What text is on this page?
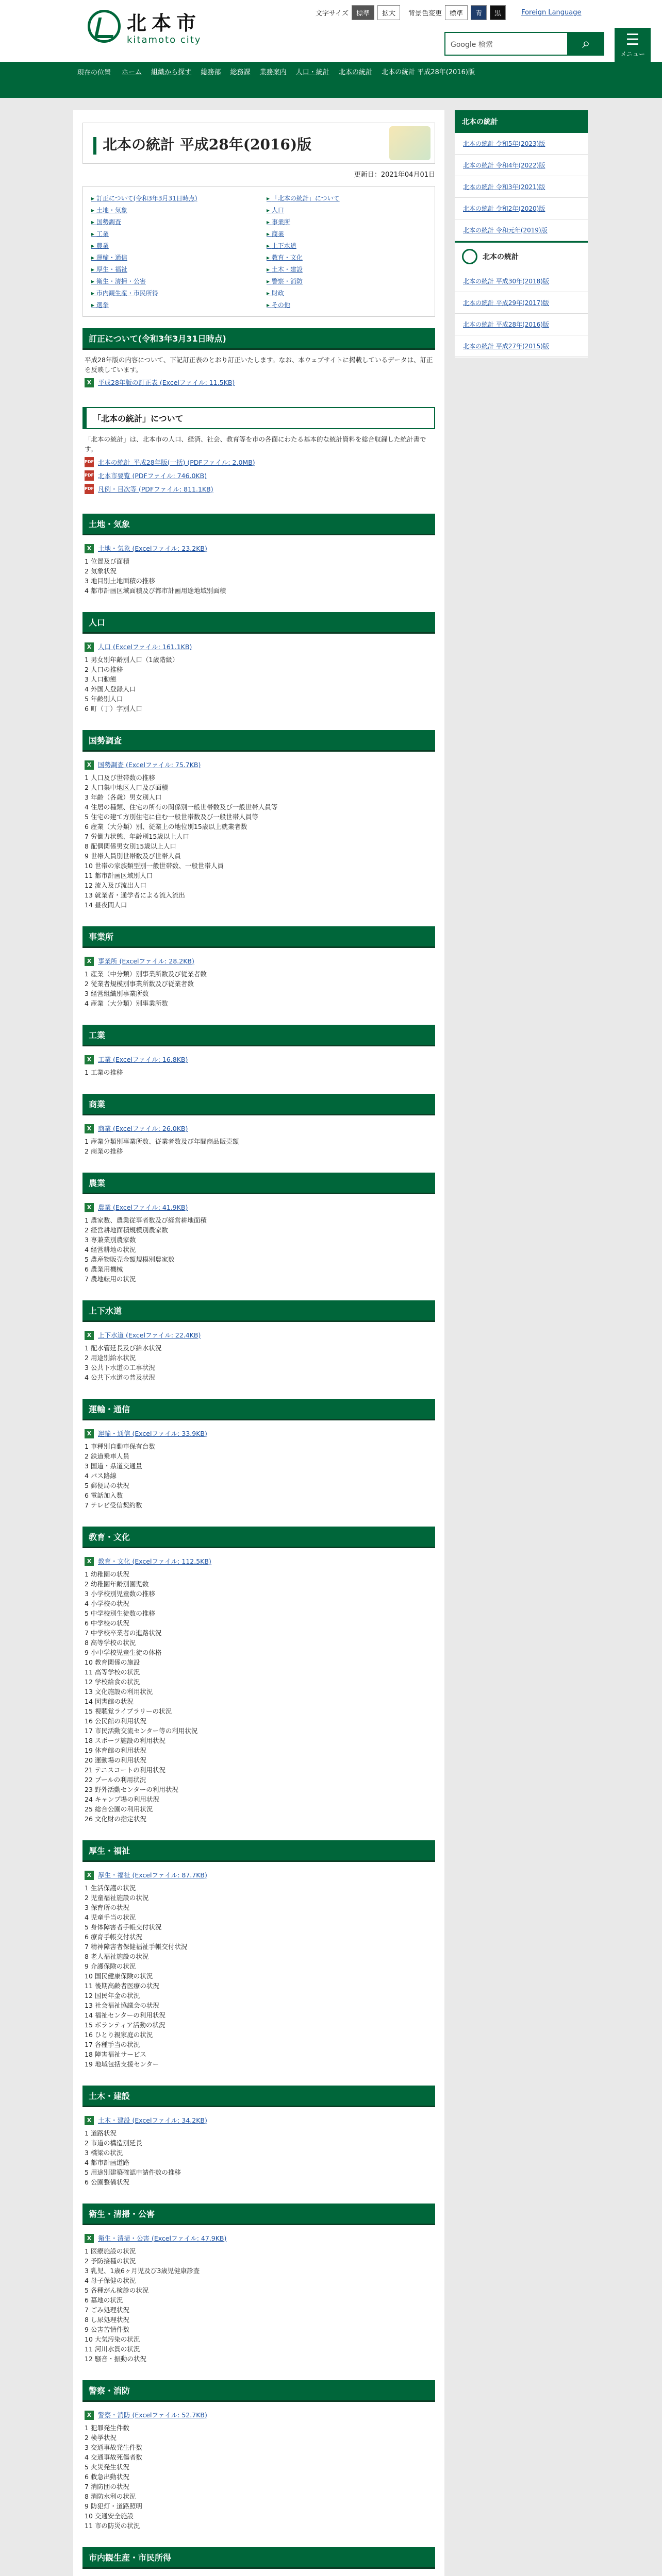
北本市
kitamoto city
文字サイズ	標準	拡大	背景色変更	標準	青	黒	Foreign Language
Google 検索	⌕	☰
メニュー
現在の位置 ホーム 組織から探す 総務部 総務課 業務案内 人口・統計 北本の統計 北本の統計 平成28年(2016)版
北本の統計 平成28年(2016)版
更新日：2021年04月01日
▸ 訂正について(令和3年3月31日時点)	▸ 「北本の統計」について
▸ 土地・気象	▸ 人口
▸ 国勢調査	▸ 事業所
▸ 工業	▸ 商業
▸ 農業	▸ 上下水道
▸ 運輸・通信	▸ 教育・文化
▸ 厚生・福祉	▸ 土木・建設
▸ 衛生・清掃・公害	▸ 警察・消防
▸ 市内観生産・市民所得	▸ 財政
▸ 選挙	▸ その他
訂正について(令和3年3月31日時点)

平成28年版の内容について、下記訂正表のとおり訂正いたします。なお、本ウェブサイトに掲載しているデータは、訂正を反映しています。

X	平成28年版の訂正表 (Excelファイル: 11.5KB)
「北本の統計」について

「北本の統計」は、北本市の人口、経済、社会、教育等を市の各面にわたる基本的な統計資料を総合収録した統計書です。

PDF 北本の統計_平成28年版(一括) (PDFファイル: 2.0MB)
PDF 北本市要覧 (PDFファイル: 746.0KB)
PDF 凡例・目次等 (PDFファイル: 811.1KB)
土地・気象
X	土地・気象 (Excelファイル: 23.2KB)
1 位置及び面積
2 気象状況
3 地目別土地面積の推移
4 都市計画区域面積及び都市計画用途地域別面積
人口
X	人口 (Excelファイル: 161.1KB)
1 男女別年齢別人口（1歳階級）
2 人口の推移
3 人口動態
4 外国人登録人口
5 年齢別人口
6 町（丁）字別人口
国勢調査
X	国勢調査 (Excelファイル: 75.7KB)
1 人口及び世帯数の推移
2 人口集中地区人口及び面積
3 年齢（各歳）男女別人口
4 住居の種類、住宅の所有の関係別一般世帯数及び一般世帯人員等
5 住宅の建て方別住宅に住む一般世帯数及び一般世帯人員等
6 産業（大分類）別、従業上の地位別15歳以上就業者数
7 労働力状態、年齢別15歳以上人口
8 配偶関係男女別15歳以上人口
9 世帯人員別世帯数及び世帯人員
10 世帯の家族類型別一般世帯数、一般世帯人員
11 都市計画区域別人口
12 流入及び流出人口
13 就業者・通学者による流入流出
14 昼夜間人口
事業所
X	事業所 (Excelファイル: 28.2KB)
1 産業（中分類）別事業所数及び従業者数
2 従業者規模別事業所数及び従業者数
3 経営組織別事業所数
4 産業（大分類）別事業所数
工業
X	工業 (Excelファイル: 16.8KB)
1 工業の推移
商業
X	商業 (Excelファイル: 26.0KB)
1 産業分類別事業所数、従業者数及び年間商品販売額
2 商業の推移
農業
X	農業 (Excelファイル: 41.9KB)
1 農家数、農業従事者数及び経営耕地面積
2 経営耕地面積規模別農家数
3 専兼業別農家数
4 経営耕地の状況
5 農産物販売金額規模別農家数
6 農業用機械
7 農地転用の状況
上下水道
X	上下水道 (Excelファイル: 22.4KB)
1 配水管延長及び給水状況
2 用途別給水状況
3 公共下水道の工事状況
4 公共下水道の普及状況
運輸・通信
X	運輸・通信 (Excelファイル: 33.9KB)
1 車種別自動車保有台数
2 鉄道乗車人員
3 国道・県道交通量
4 バス路線
5 郵便局の状況
6 電話加入数
7 テレビ受信契約数
教育・文化
X	教育・文化 (Excelファイル: 112.5KB)
1 幼稚園の状況
2 幼稚園年齢別園児数
3 小学校別児童数の推移
4 小学校の状況
5 中学校別生徒数の推移
6 中学校の状況
7 中学校卒業者の進路状況
8 高等学校の状況
9 小中学校児童生徒の体格
10 教育関係の施設
11 高等学校の状況
12 学校給食の状況
13 文化施設の利用状況
14 図書館の状況
15 視聴覚ライブラリーの状況
16 公民館の利用状況
17 市民活動交流センター等の利用状況
18 スポーツ施設の利用状況
19 体育館の利用状況
20 運動場の利用状況
21 テニスコートの利用状況
22 プールの利用状況
23 野外活動センターの利用状況
24 キャンプ場の利用状況
25 総合公園の利用状況
26 文化財の指定状況
厚生・福祉
X	厚生・福祉 (Excelファイル: 87.7KB)
1 生活保護の状況
2 児童福祉施設の状況
3 保育所の状況
4 児童手当の状況
5 身体障害者手帳交付状況
6 療育手帳交付状況
7 精神障害者保健福祉手帳交付状況
8 老人福祉施設の状況
9 介護保険の状況
10 国民健康保険の状況
11 後期高齢者医療の状況
12 国民年金の状況
13 社会福祉協議会の状況
14 福祉センターの利用状況
15 ボランティア活動の状況
16 ひとり親家庭の状況
17 各種手当の状況
18 障害福祉サービス
19 地域包括支援センター
土木・建設
X	土木・建設 (Excelファイル: 34.2KB)
1 道路状況
2 市道の構造別延長
3 橋梁の状況
4 都市計画道路
5 用途別建築確認申請件数の推移
6 公園整備状況
衛生・清掃・公害
X	衛生・清掃・公害 (Excelファイル: 47.9KB)
1 医療施設の状況
2 予防接種の状況
3 乳児、1歳6ヶ月児及び3歳児健康診査
4 母子保健の状況
5 各種がん検診の状況
6 墓地の状況
7 ごみ処理状況
8 し尿処理状況
9 公害苦情件数
10 大気汚染の状況
11 河川水質の状況
12 騒音・振動の状況
警察・消防
X	警察・消防 (Excelファイル: 52.7KB)
1 犯罪発生件数
2 検挙状況
3 交通事故発生件数
4 交通事故死傷者数
5 火災発生状況
6 救急出動状況
7 消防団の状況
8 消防水利の状況
9 防犯灯・道路照明
10 交通安全施設
11 市の防災の状況
市内観生産・市民所得
北本の統計
北本の統計 令和5年(2023)版
北本の統計 令和4年(2022)版
北本の統計 令和3年(2021)版
北本の統計 令和2年(2020)版
北本の統計 令和元年(2019)版
北本の統計
北本の統計 平成30年(2018)版
北本の統計 平成29年(2017)版
北本の統計 平成28年(2016)版
北本の統計 平成27年(2015)版
